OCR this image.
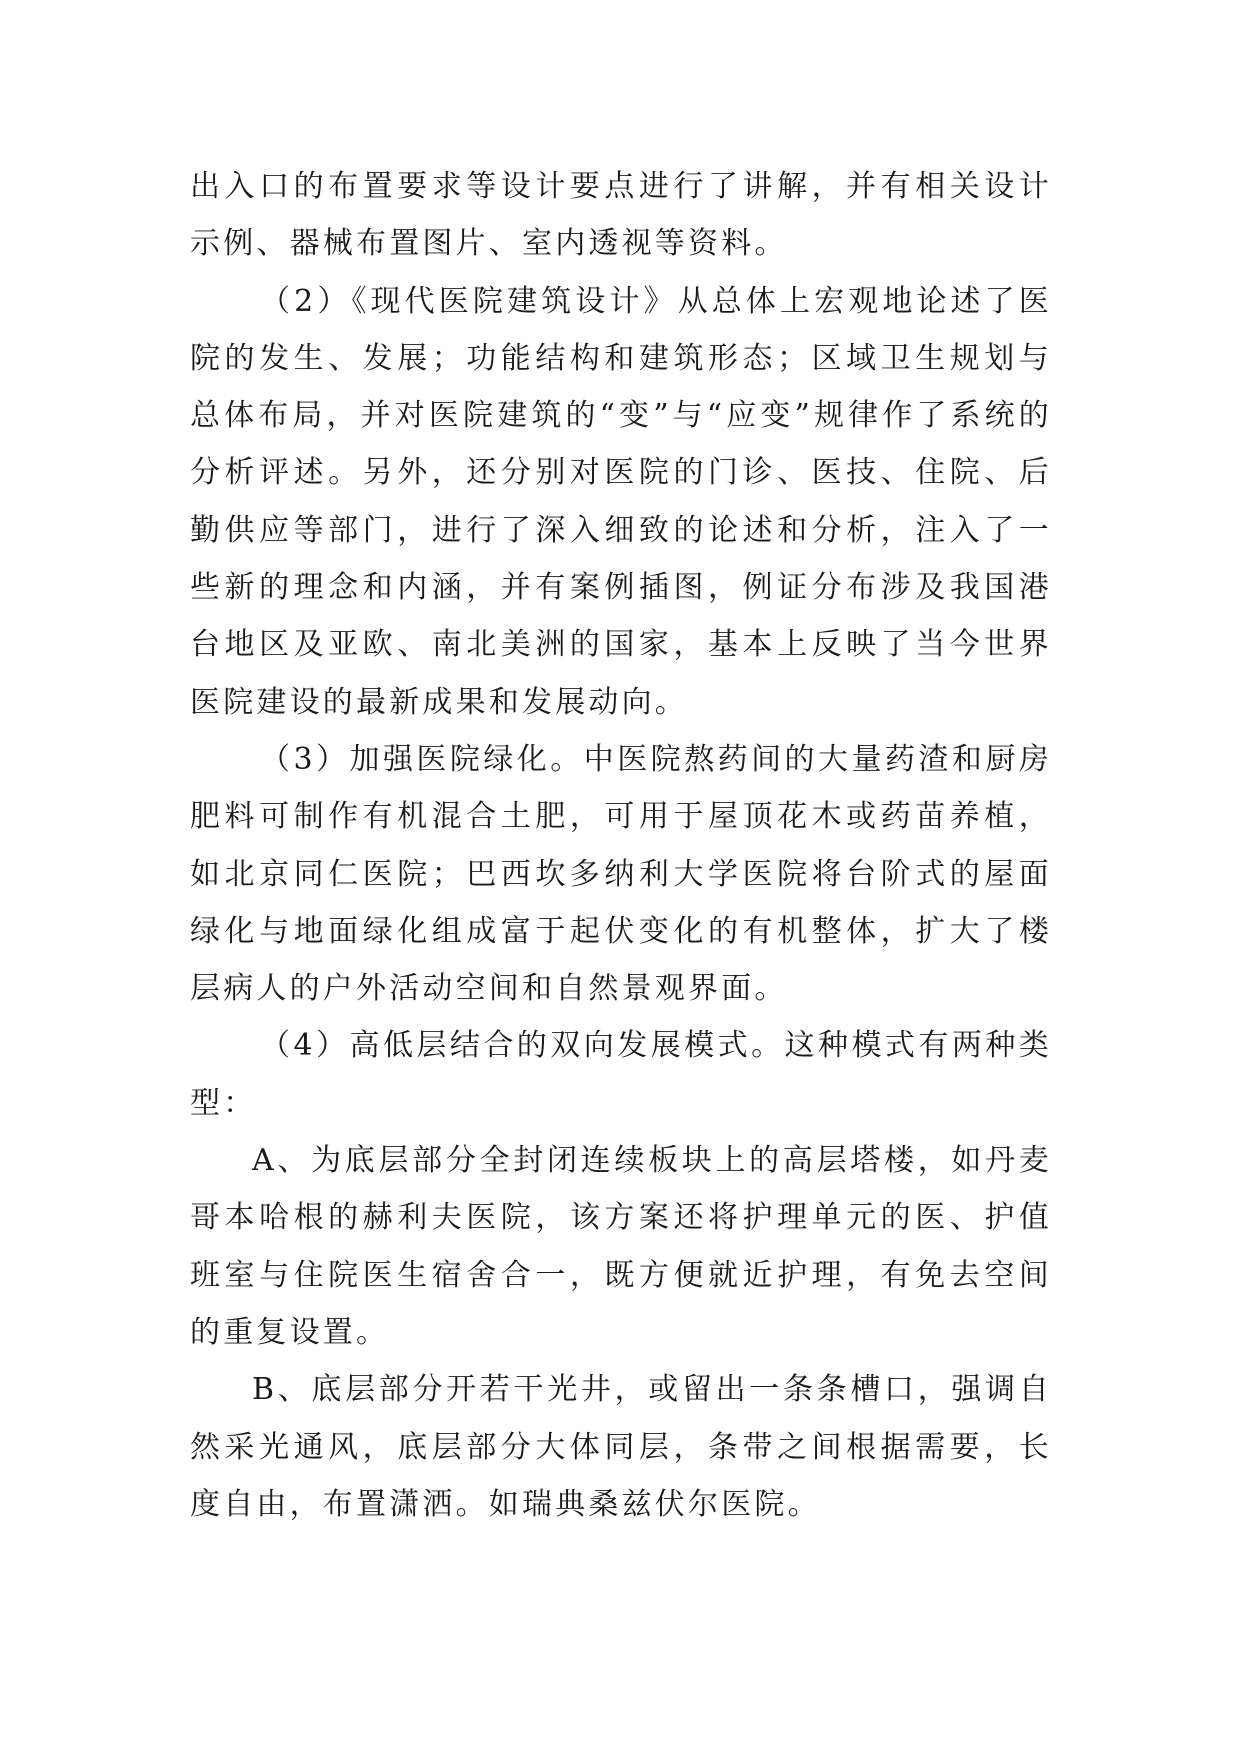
出入口的布置要求等设计要点进行了讲解，并有相关设计示例、器械布置图片、室内透视等资料。

（2）《现代医院建筑设计》从总体上宏观地论述了医院的发生、发展；功能结构和建筑形态；区域卫生规划与总体布局，并对医院建筑的“变”与“应变”规律作了系统的分析评述。另外，还分别对医院的门诊、医技、住院、后勤供应等部门，进行了深入细致的论述和分析，注入了一些新的理念和内涵，并有案例插图，例证分布涉及我国港台地区及亚欧、南北美洲的国家，基本上反映了当今世界医院建设的最新成果和发展动向。

（3）加强医院绿化。中医院熬药间的大量药渣和厨房肥料可制作有机混合土肥，可用于屋顶花木或药苗养植，如北京同仁医院；巴西坎多纳利大学医院将台阶式的屋面绿化与地面绿化组成富于起伏变化的有机整体，扩大了楼层病人的户外活动空间和自然景观界面。

（4）高低层结合的双向发展模式。这种模式有两种类型：

A、为底层部分全封闭连续板块上的高层塔楼，如丹麦哥本哈根的赫利夫医院，该方案还将护理单元的医、护值班室与住院医生宿舍合一，既方便就近护理，有免去空间的重复设置。

B、底层部分开若干光井，或留出一条条槽口，强调自然采光通风，底层部分大体同层，条带之间根据需要，长度自由，布置潇洒。如瑞典桑兹伏尔医院。
